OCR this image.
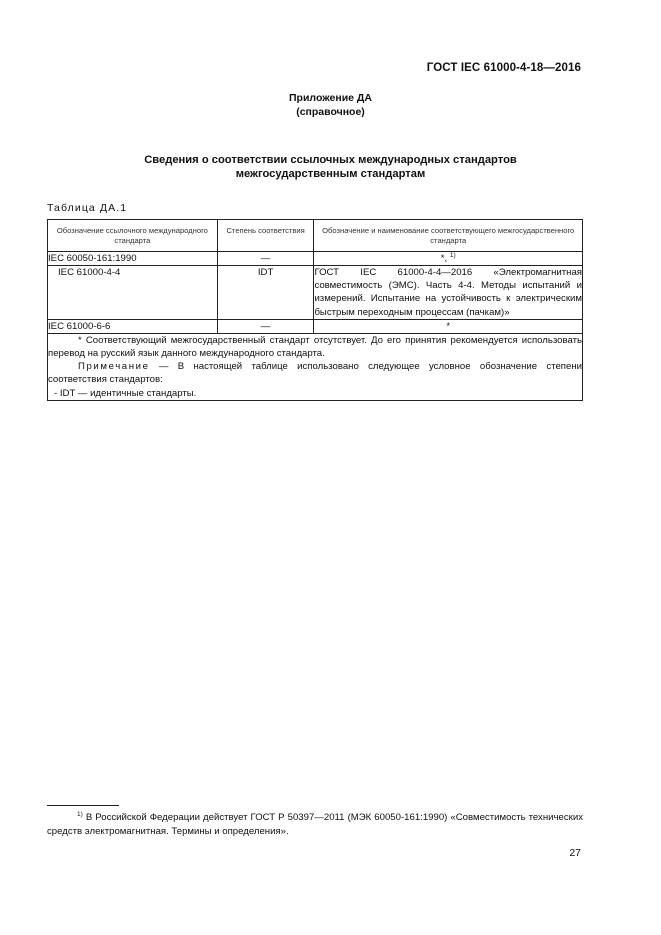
ГОСТ IEC 61000-4-18—2016
Приложение ДА
(справочное)
Сведения о соответствии ссылочных международных стандартов
межгосударственным стандартам
Таблица ДА.1
Обозначение ссылочного международного стандарта	Степень соответствия	Обозначение и наименование соответствующего межгосударственного стандарта
IEC 60050-161:1990	—	*, $^{1)}$
IEC 61000-4-4	IDT	ГОСТ IEC 61000-4-4—2016 «Электромагнитная совместимость (ЭМС). Часть 4-4. Методы испытаний и измерений. Испытание на устойчивость к электрическим быстрым переходным процессам (пачкам)»
IEC 61000-6-6	—	*

* Соответствующий межгосударственный стандарт отсутствует. До его принятия рекомендуется использовать перевод на русский язык данного международного стандарта.

Примечание — В настоящей таблице использовано следующее условное обозначение степени соответствия стандартов:

- IDT — идентичные стандарты.		

$^{1)}$ В Российской Федерации действует ГОСТ Р 50397—2011 (МЭК 60050-161:1990) «Совместимость технических средств электромагнитная. Термины и определения».
27
